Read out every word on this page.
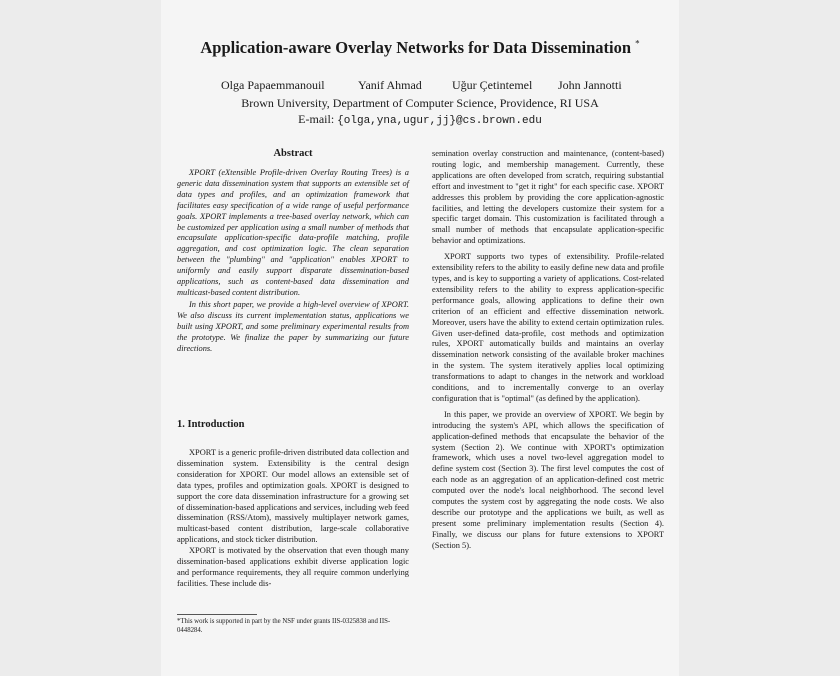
Application-aware Overlay Networks for Data Dissemination *
Olga Papaemmanouil	Yanif Ahmad	Uğur Çetintemel John Jannotti
Brown University, Department of Computer Science, Providence, RI USA
E-mail: {olga,yna,ugur,jj}@cs.brown.edu
Abstract

XPORT (eXtensible Profile-driven Overlay Routing Trees) is a generic data dissemination system that supports an extensible set of data types and profiles, and an optimization framework that facilitates easy specification of a wide range of useful performance goals. XPORT implements a tree-based overlay network, which can be customized per application using a small number of methods that encapsulate application-specific data-profile matching, profile aggregation, and cost optimization logic. The clean separation between the "plumbing" and "application" enables XPORT to uniformly and easily support disparate dissemination-based applications, such as content-based data dissemination and multicast-based content distribution.

In this short paper, we provide a high-level overview of XPORT. We also discuss its current implementation status, applications we built using XPORT, and some preliminary experimental results from the prototype. We finalize the paper by summarizing our future directions.

1. Introduction

XPORT is a generic profile-driven distributed data collection and dissemination system. Extensibility is the central design consideration for XPORT. Our model allows an extensible set of data types, profiles and optimization goals. XPORT is designed to support the core data dissemination infrastructure for a growing set of dissemination-based applications and services, including web feed dissemination (RSS/Atom), massively multiplayer network games, multicast-based content distribution, large-scale collaborative applications, and stock ticker distribution.

XPORT is motivated by the observation that even though many dissemination-based applications exhibit diverse application logic and performance requirements, they all require common underlying facilities. These include dis-

*This work is supported in part by the NSF under grants IIS-0325838 and IIS-0448284.

semination overlay construction and maintenance, (content-based) routing logic, and membership management. Currently, these applications are often developed from scratch, requiring substantial effort and investment to "get it right" for each specific case. XPORT addresses this problem by providing the core application-agnostic facilities, and letting the developers customize their system for a specific target domain. This customization is facilitated through a small number of methods that encapsulate application-specific behavior and optimizations.

XPORT supports two types of extensibility. Profile-related extensibility refers to the ability to easily define new data and profile types, and is key to supporting a variety of applications. Cost-related extensibility refers to the ability to express application-specific performance goals, allowing applications to define their own criterion of an efficient and effective dissemination network. Moreover, users have the ability to extend certain optimization rules. Given user-defined data-profile, cost methods and optimization rules, XPORT automatically builds and maintains an overlay dissemination network consisting of the available broker machines in the system. The system iteratively applies local optimizing transformations to adapt to changes in the network and workload conditions, and to incrementally converge to an overlay configuration that is "optimal" (as defined by the application).

In this paper, we provide an overview of XPORT. We begin by introducing the system's API, which allows the specification of application-defined methods that encapsulate the behavior of the system (Section 2). We continue with XPORT's optimization framework, which uses a novel two-level aggregation model to define system cost (Section 3). The first level computes the cost of each node as an aggregation of an application-defined cost metric computed over the node's local neighborhood. The second level computes the system cost by aggregating the node costs. We also describe our prototype and the applications we built, as well as present some preliminary implementation results (Section 4). Finally, we discuss our plans for future extensions to XPORT (Section 5).
